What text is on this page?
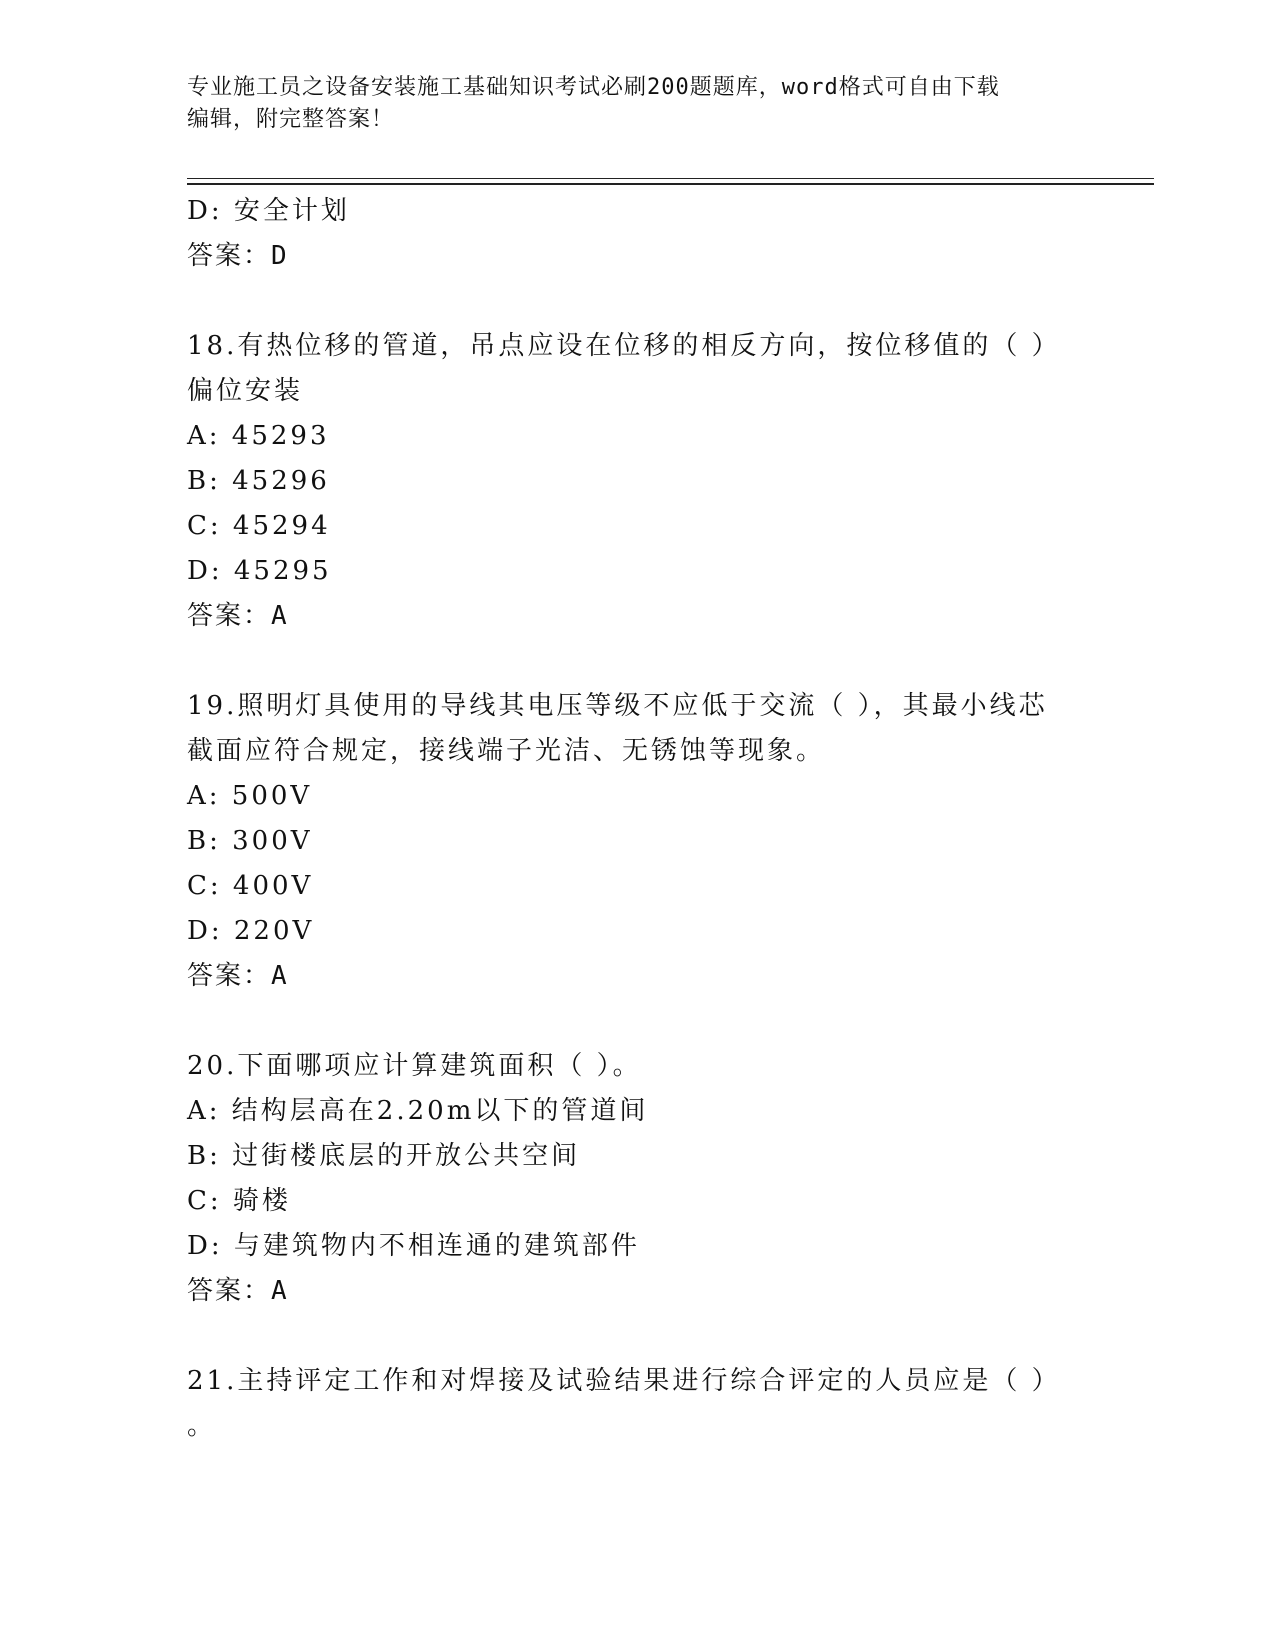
专业施工员之设备安装施工基础知识考试必刷200题题库，word格式可自由下载
编辑，附完整答案！
D: 安全计划
答案：D
18.有热位移的管道，吊点应设在位移的相反方向，按位移值的（ ）
偏位安装
A: 45293
B: 45296
C: 45294
D: 45295
答案：A
19.照明灯具使用的导线其电压等级不应低于交流（ ），其最小线芯
截面应符合规定，接线端子光洁、无锈蚀等现象。
A: 500V
B: 300V
C: 400V
D: 220V
答案：A
20.下面哪项应计算建筑面积（ ）。
A: 结构层高在2.20m以下的管道间
B: 过街楼底层的开放公共空间
C: 骑楼
D: 与建筑物内不相连通的建筑部件
答案：A
21.主持评定工作和对焊接及试验结果进行综合评定的人员应是（ ）
。
